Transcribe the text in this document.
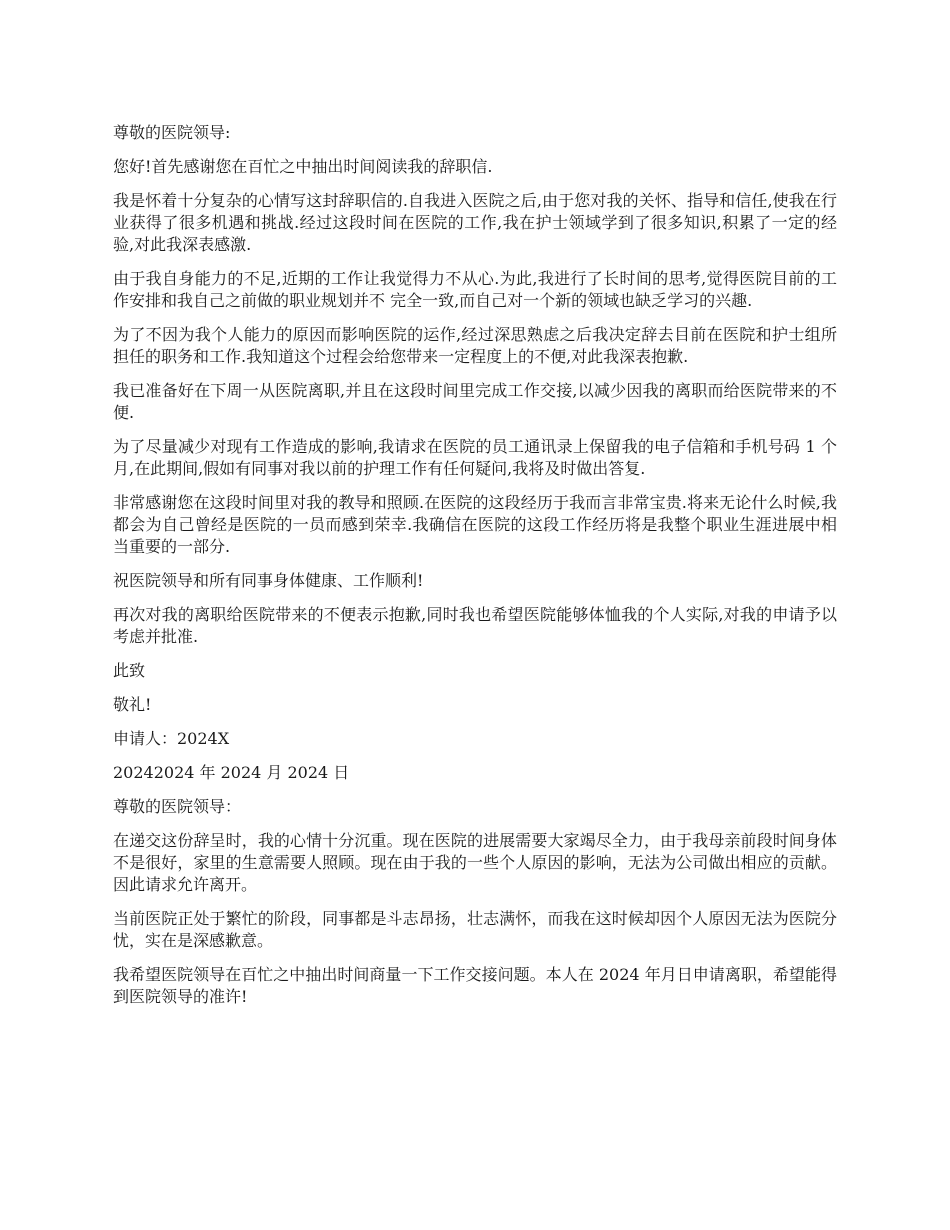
尊敬的医院领导:

您好!首先感谢您在百忙之中抽出时间阅读我的辞职信.

我是怀着十分复杂的心情写这封辞职信的.自我进入医院之后,由于您对我的关怀、指导和信任,使我在行业获得了很多机遇和挑战.经过这段时间在医院的工作,我在护士领域学到了很多知识,积累了一定的经验,对此我深表感激.

由于我自身能力的不足,近期的工作让我觉得力不从心.为此,我进行了长时间的思考,觉得医院目前的工作安排和我自己之前做的职业规划并不 完全一致,而自己对一个新的领域也缺乏学习的兴趣.

为了不因为我个人能力的原因而影响医院的运作,经过深思熟虑之后我决定辞去目前在医院和护士组所担任的职务和工作.我知道这个过程会给您带来一定程度上的不便,对此我深表抱歉.

我已准备好在下周一从医院离职,并且在这段时间里完成工作交接,以减少因我的离职而给医院带来的不便.

为了尽量减少对现有工作造成的影响,我请求在医院的员工通讯录上保留我的电子信箱和手机号码 1 个月,在此期间,假如有同事对我以前的护理工作有任何疑问,我将及时做出答复.

非常感谢您在这段时间里对我的教导和照顾.在医院的这段经历于我而言非常宝贵.将来无论什么时候,我都会为自己曾经是医院的一员而感到荣幸.我确信在医院的这段工作经历将是我整个职业生涯进展中相当重要的一部分.

祝医院领导和所有同事身体健康、工作顺利!

再次对我的离职给医院带来的不便表示抱歉,同时我也希望医院能够体恤我的个人实际,对我的申请予以考虑并批准.

此致

敬礼!

申请人：2024X

20242024 年 2024 月 2024 日

尊敬的医院领导：

在递交这份辞呈时，我的心情十分沉重。现在医院的进展需要大家竭尽全力，由于我母亲前段时间身体不是很好，家里的生意需要人照顾。现在由于我的一些个人原因的影响，无法为公司做出相应的贡献。因此请求允许离开。

当前医院正处于繁忙的阶段，同事都是斗志昂扬，壮志满怀，而我在这时候却因个人原因无法为医院分忧，实在是深感歉意。

我希望医院领导在百忙之中抽出时间商量一下工作交接问题。本人在 2024 年月日申请离职，希望能得到医院领导的准许!
